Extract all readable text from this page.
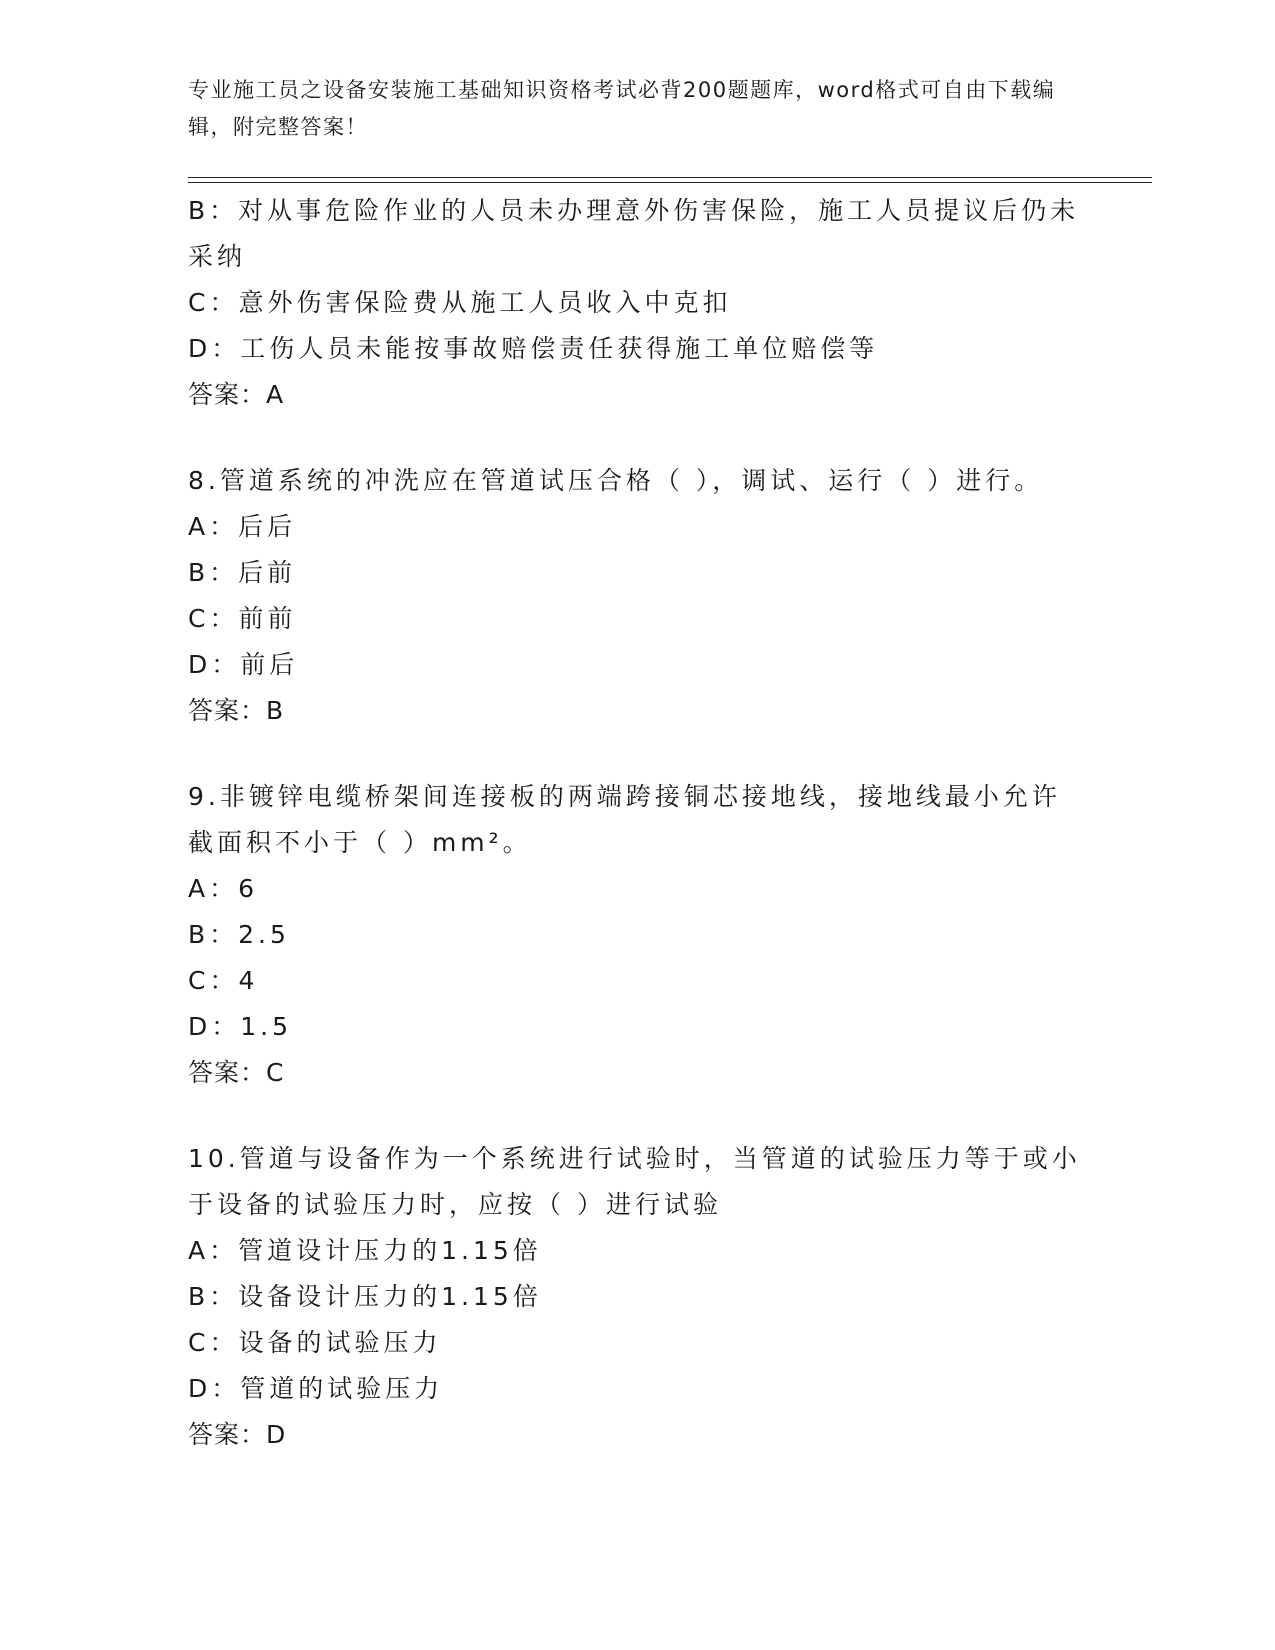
专业施工员之设备安装施工基础知识资格考试必背200题题库，word格式可自由下载编辑，附完整答案！

B：对从事危险作业的人员未办理意外伤害保险，施工人员提议后仍未采纳

C：意外伤害保险费从施工人员收入中克扣

D：工伤人员未能按事故赔偿责任获得施工单位赔偿等

答案：A

8.管道系统的冲洗应在管道试压合格（ ），调试、运行（ ）进行。

A：后后

B：后前

C：前前

D：前后

答案：B

9.非镀锌电缆桥架间连接板的两端跨接铜芯接地线，接地线最小允许截面积不小于（ ）mm²。

A：6

B：2.5

C：4

D：1.5

答案：C

10.管道与设备作为一个系统进行试验时，当管道的试验压力等于或小于设备的试验压力时，应按（ ）进行试验

A：管道设计压力的1.15倍

B：设备设计压力的1.15倍

C：设备的试验压力

D：管道的试验压力

答案：D
